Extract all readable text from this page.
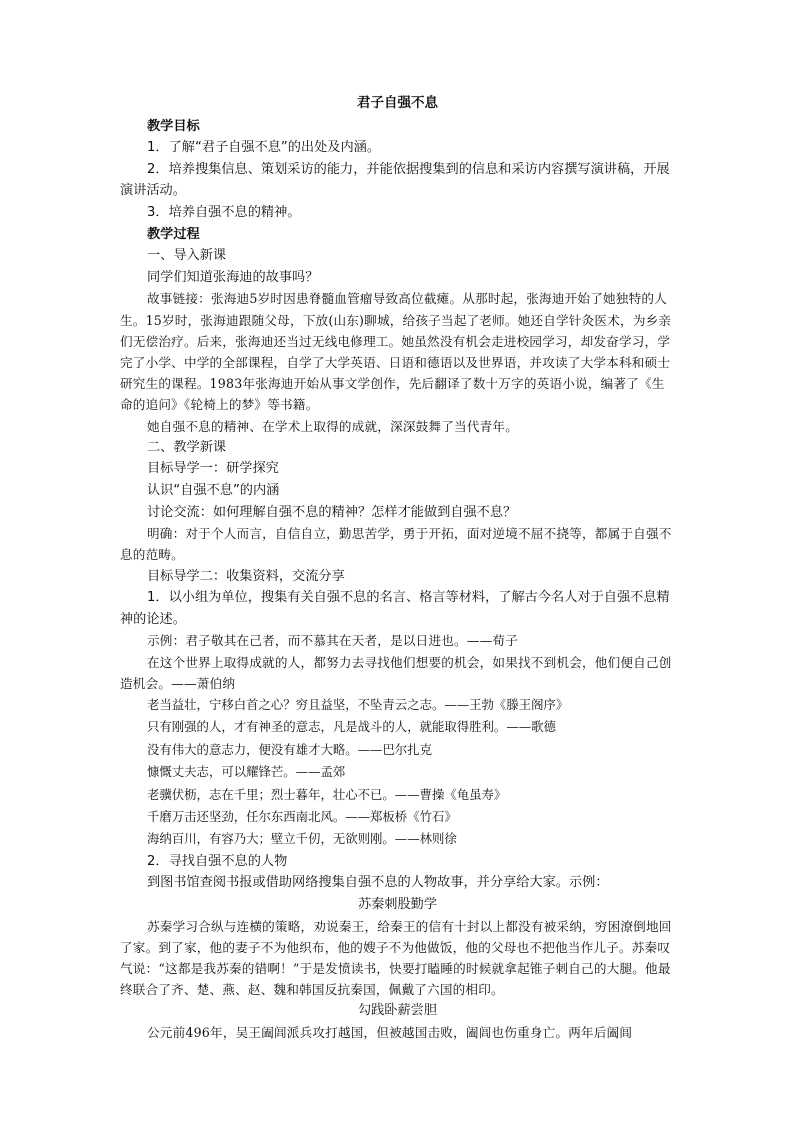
君子自强不息

教学目标

1．了解“君子自强不息”的出处及内涵。

2．培养搜集信息、策划采访的能力，并能依据搜集到的信息和采访内容撰写演讲稿，开展演讲活动。

3．培养自强不息的精神。

教学过程

一、导入新课

同学们知道张海迪的故事吗？

故事链接：张海迪5岁时因患脊髓血管瘤导致高位截瘫。从那时起，张海迪开始了她独特的人生。15岁时，张海迪跟随父母，下放(山东)聊城，给孩子当起了老师。她还自学针灸医术，为乡亲们无偿治疗。后来，张海迪还当过无线电修理工。她虽然没有机会走进校园学习，却发奋学习，学完了小学、中学的全部课程，自学了大学英语、日语和德语以及世界语，并攻读了大学本科和硕士研究生的课程。1983年张海迪开始从事文学创作，先后翻译了数十万字的英语小说，编著了《生命的追问》《轮椅上的梦》等书籍。

她自强不息的精神、在学术上取得的成就，深深鼓舞了当代青年。

二、教学新课

目标导学一：研学探究

认识“自强不息”的内涵

讨论交流：如何理解自强不息的精神？怎样才能做到自强不息？

明确：对于个人而言，自信自立，勤思苦学，勇于开拓，面对逆境不屈不挠等，都属于自强不息的范畴。

目标导学二：收集资料，交流分享

1．以小组为单位，搜集有关自强不息的名言、格言等材料，了解古今名人对于自强不息精神的论述。

示例：君子敬其在己者，而不慕其在天者，是以日进也。——荀子

在这个世界上取得成就的人，都努力去寻找他们想要的机会，如果找不到机会，他们便自己创造机会。——萧伯纳

老当益壮，宁移白首之心？穷且益坚，不坠青云之志。——王勃《滕王阁序》

只有刚强的人，才有神圣的意志，凡是战斗的人，就能取得胜利。——歌德

没有伟大的意志力，便没有雄才大略。——巴尔扎克

慷慨丈夫志，可以耀锋芒。——孟郊

老骥伏枥，志在千里；烈士暮年，壮心不已。——曹操《龟虽寿》

千磨万击还坚劲，任尔东西南北风。——郑板桥《竹石》

海纳百川，有容乃大；壁立千仞，无欲则刚。——林则徐

2．寻找自强不息的人物

到图书馆查阅书报或借助网络搜集自强不息的人物故事，并分享给大家。示例：

苏秦刺股勤学

苏秦学习合纵与连横的策略，劝说秦王，给秦王的信有十封以上都没有被采纳，穷困潦倒地回了家。到了家，他的妻子不为他织布，他的嫂子不为他做饭，他的父母也不把他当作儿子。苏秦叹气说：“这都是我苏秦的错啊！”于是发愤读书，快要打瞌睡的时候就拿起锥子刺自己的大腿。他最终联合了齐、楚、燕、赵、魏和韩国反抗秦国，佩戴了六国的相印。

勾践卧薪尝胆

公元前496年，吴王阖闾派兵攻打越国，但被越国击败，阖闾也伤重身亡。两年后阖闾
